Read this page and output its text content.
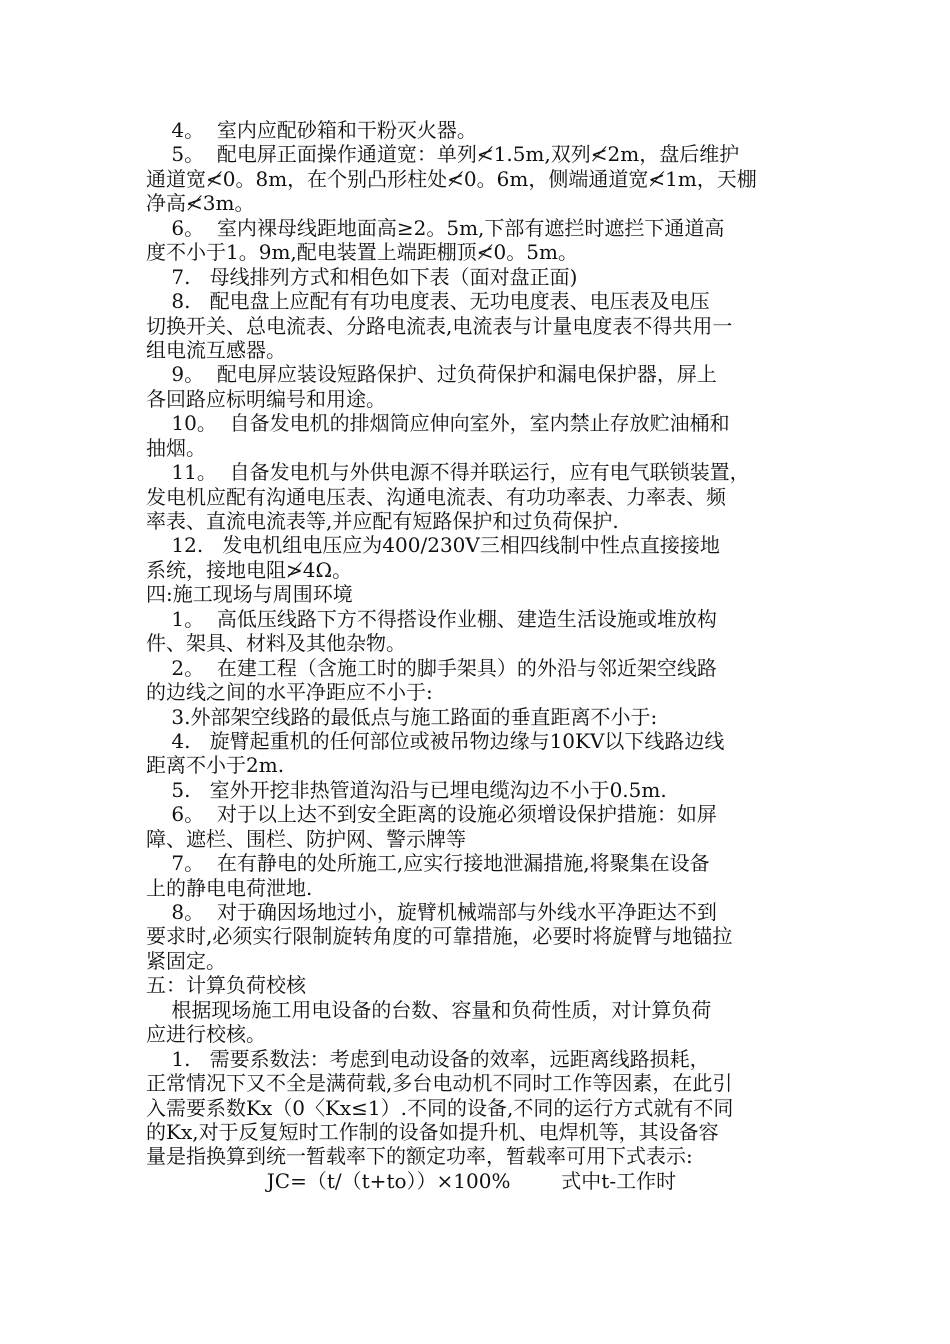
4。  室内应配砂箱和干粉灭火器。
5。  配电屏正面操作通道宽：单列≮1.5m,双列≮2m，盘后维护
通道宽≮0。8m，在个别凸形柱处≮0。6m，侧端通道宽≮1m，天棚
净高≮3m。
6。  室内裸母线距地面高≥2。5m,下部有遮拦时遮拦下通道高
度不小于1。9m,配电装置上端距棚顶≮0。5m。
7.   母线排列方式和相色如下表（面对盘正面)
8.   配电盘上应配有有功电度表、无功电度表、电压表及电压
切换开关、总电流表、分路电流表,电流表与计量电度表不得共用一
组电流互感器。
9。  配电屏应装设短路保护、过负荷保护和漏电保护器，屏上
各回路应标明编号和用途。
10。  自备发电机的排烟筒应伸向室外，室内禁止存放贮油桶和
抽烟。
11。  自备发电机与外供电源不得并联运行，应有电气联锁装置，
发电机应配有沟通电压表、沟通电流表、有功功率表、力率表、频
率表、直流电流表等,并应配有短路保护和过负荷保护.
12.   发电机组电压应为400/230V三相四线制中性点直接接地
系统，接地电阻≯4Ω。
四:施工现场与周围环境
1。  高低压线路下方不得搭设作业棚、建造生活设施或堆放构
件、架具、材料及其他杂物。
2。  在建工程（含施工时的脚手架具）的外沿与邻近架空线路
的边线之间的水平净距应不小于:
3.外部架空线路的最低点与施工路面的垂直距离不小于:
4.   旋臂起重机的任何部位或被吊物边缘与10KV以下线路边线
距离不小于2m.
5.   室外开挖非热管道沟沿与已埋电缆沟边不小于0.5m.
6。  对于以上达不到安全距离的设施必须增设保护措施：如屏
障、遮栏、围栏、防护网、警示牌等
7。  在有静电的处所施工,应实行接地泄漏措施,将聚集在设备
上的静电电荷泄地.
8。  对于确因场地过小，旋臂机械端部与外线水平净距达不到
要求时,必须实行限制旋转角度的可靠措施，必要时将旋臂与地锚拉
紧固定。
五：计算负荷校核
根据现场施工用电设备的台数、容量和负荷性质，对计算负荷
应进行校核。
1.   需要系数法：考虑到电动设备的效率，远距离线路损耗，
正常情况下又不全是满荷载,多台电动机不同时工作等因素，在此引
入需要系数Kx（0〈Kx≤1）.不同的设备,不同的运行方式就有不同
的Kx,对于反复短时工作制的设备如提升机、电焊机等，其设备容
量是指换算到统一暂载率下的额定功率，暂载率可用下式表示:
JC=（t/（t+to））×100%        式中t-工作时
